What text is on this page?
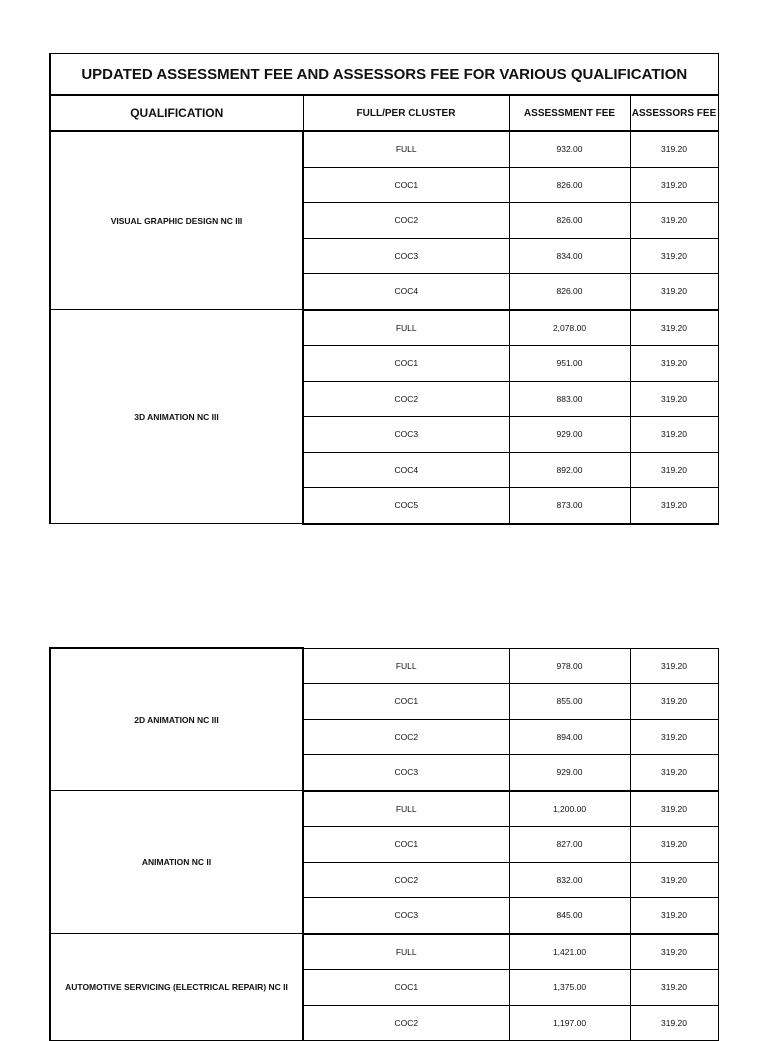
UPDATED ASSESSMENT FEE AND ASSESSORS FEE FOR VARIOUS QUALIFICATION			
QUALIFICATION	FULL/PER CLUSTER	ASSESSMENT FEE	ASSESSORS FEE
VISUAL GRAPHIC DESIGN NC III	FULL	932.00	319.20
	COC1	826.00	319.20
	COC2	826.00	319.20
	COC3	834.00	319.20
	COC4	826.00	319.20
3D ANIMATION NC III	FULL	2,078.00	319.20
	COC1	951.00	319.20
	COC2	883.00	319.20
	COC3	929.00	319.20
	COC4	892.00	319.20
	COC5	873.00	319.20
2D ANIMATION NC III	FULL	978.00	319.20
	COC1	855.00	319.20
	COC2	894.00	319.20
	COC3	929.00	319.20
ANIMATION NC II	FULL	1,200.00	319.20
	COC1	827.00	319.20
	COC2	832.00	319.20
	COC3	845.00	319.20
AUTOMOTIVE SERVICING (ELECTRICAL REPAIR) NC II	FULL	1,421.00	319.20
	COC1	1,375.00	319.20
	COC2	1,197.00	319.20
